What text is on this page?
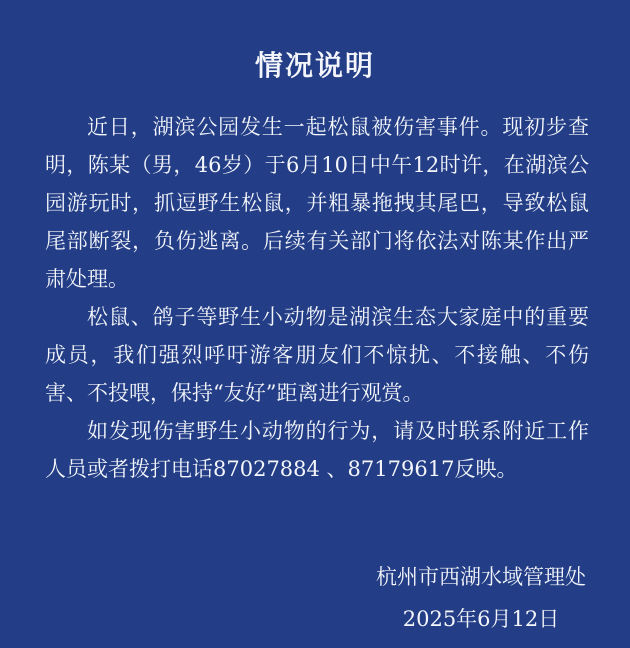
情况说明

近日，湖滨公园发生一起松鼠被伤害事件。现初步查明，陈某（男，46岁）于6月10日中午12时许，在湖滨公园游玩时，抓逗野生松鼠，并粗暴拖拽其尾巴，导致松鼠尾部断裂，负伤逃离。后续有关部门将依法对陈某作出严肃处理。

松鼠、鸽子等野生小动物是湖滨生态大家庭中的重要成员，我们强烈呼吁游客朋友们不惊扰、不接触、不伤害、不投喂，保持“友好”距离进行观赏。

如发现伤害野生小动物的行为，请及时联系附近工作人员或者拨打电话87027884 、87179617反映。

杭州市西湖水域管理处
2025年6月12日
